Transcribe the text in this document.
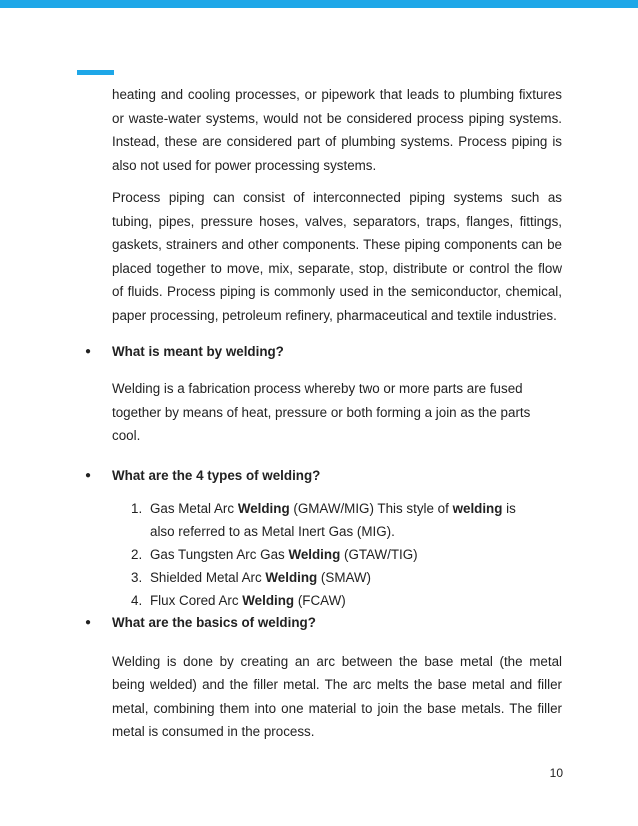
heating and cooling processes, or pipework that leads to plumbing fixtures or waste-water systems, would not be considered process piping systems. Instead, these are considered part of plumbing systems. Process piping is also not used for power processing systems.

Process piping can consist of interconnected piping systems such as tubing, pipes, pressure hoses, valves, separators, traps, flanges, fittings, gaskets, strainers and other components. These piping components can be placed together to move, mix, separate, stop, distribute or control the flow of fluids. Process piping is commonly used in the semiconductor, chemical, paper processing, petroleum refinery, pharmaceutical and textile industries.

● What is meant by welding?

Welding is a fabrication process whereby two or more parts are fused together by means of heat, pressure or both forming a join as the parts cool.

● What are the 4 types of welding?

1. Gas Metal Arc Welding (GMAW/MIG) This style of welding is also referred to as Metal Inert Gas (MIG).
2. Gas Tungsten Arc Gas Welding (GTAW/TIG)
3. Shielded Metal Arc Welding (SMAW)
4. Flux Cored Arc Welding (FCAW)
● What are the basics of welding?

Welding is done by creating an arc between the base metal (the metal being welded) and the filler metal. The arc melts the base metal and filler metal, combining them into one material to join the base metals. The filler metal is consumed in the process.

10
